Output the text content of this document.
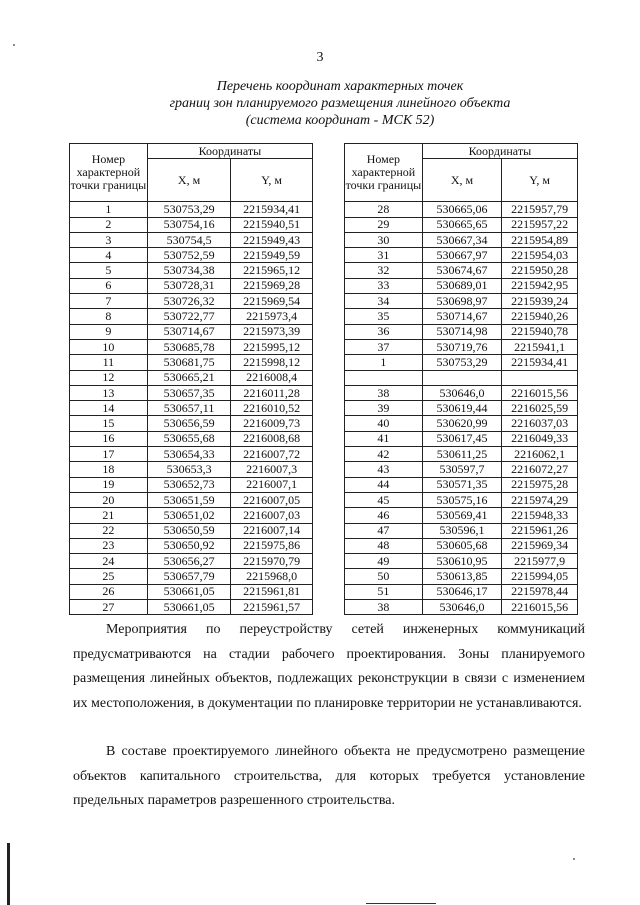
3
Перечень координат характерных точек
границ зон планируемого размещения линейного объекта
(система координат - МСК 52)
Номер характерной точки границы	Координаты	
	X, м	Y, м
1	530753,29	2215934,41
2	530754,16	2215940,51
3	530754,5	2215949,43
4	530752,59	2215949,59
5	530734,38	2215965,12
6	530728,31	2215969,28
7	530726,32	2215969,54
8	530722,77	2215973,4
9	530714,67	2215973,39
10	530685,78	2215995,12
11	530681,75	2215998,12
12	530665,21	2216008,4
13	530657,35	2216011,28
14	530657,11	2216010,52
15	530656,59	2216009,73
16	530655,68	2216008,68
17	530654,33	2216007,72
18	530653,3	2216007,3
19	530652,73	2216007,1
20	530651,59	2216007,05
21	530651,02	2216007,03
22	530650,59	2216007,14
23	530650,92	2215975,86
24	530656,27	2215970,79
25	530657,79	2215968,0
26	530661,05	2215961,81
27	530661,05	2215961,57
Номер характерной точки границы	Координаты	
	X, м	Y, м
28	530665,06	2215957,79
29	530665,65	2215957,22
30	530667,34	2215954,89
31	530667,97	2215954,03
32	530674,67	2215950,28
33	530689,01	2215942,95
34	530698,97	2215939,24
35	530714,67	2215940,26
36	530714,98	2215940,78
37	530719,76	2215941,1
1	530753,29	2215934,41

38	530646,0	2216015,56
39	530619,44	2216025,59
40	530620,99	2216037,03
41	530617,45	2216049,33
42	530611,25	2216062,1
43	530597,7	2216072,27
44	530571,35	2215975,28
45	530575,16	2215974,29
46	530569,41	2215948,33
47	530596,1	2215961,26
48	530605,68	2215969,34
49	530610,95	2215977,9
50	530613,85	2215994,05
51	530646,17	2215978,44
38	530646,0	2216015,56
Мероприятия по переустройству сетей инженерных коммуникаций предусматриваются на стадии рабочего проектирования. Зоны планируемого размещения линейных объектов, подлежащих реконструкции в связи с изменением их местоположения, в документации по планировке территории не устанавливаются.
В составе проектируемого линейного объекта не предусмотрено размещение объектов капитального строительства, для которых требуется установление предельных параметров разрешенного строительства.
